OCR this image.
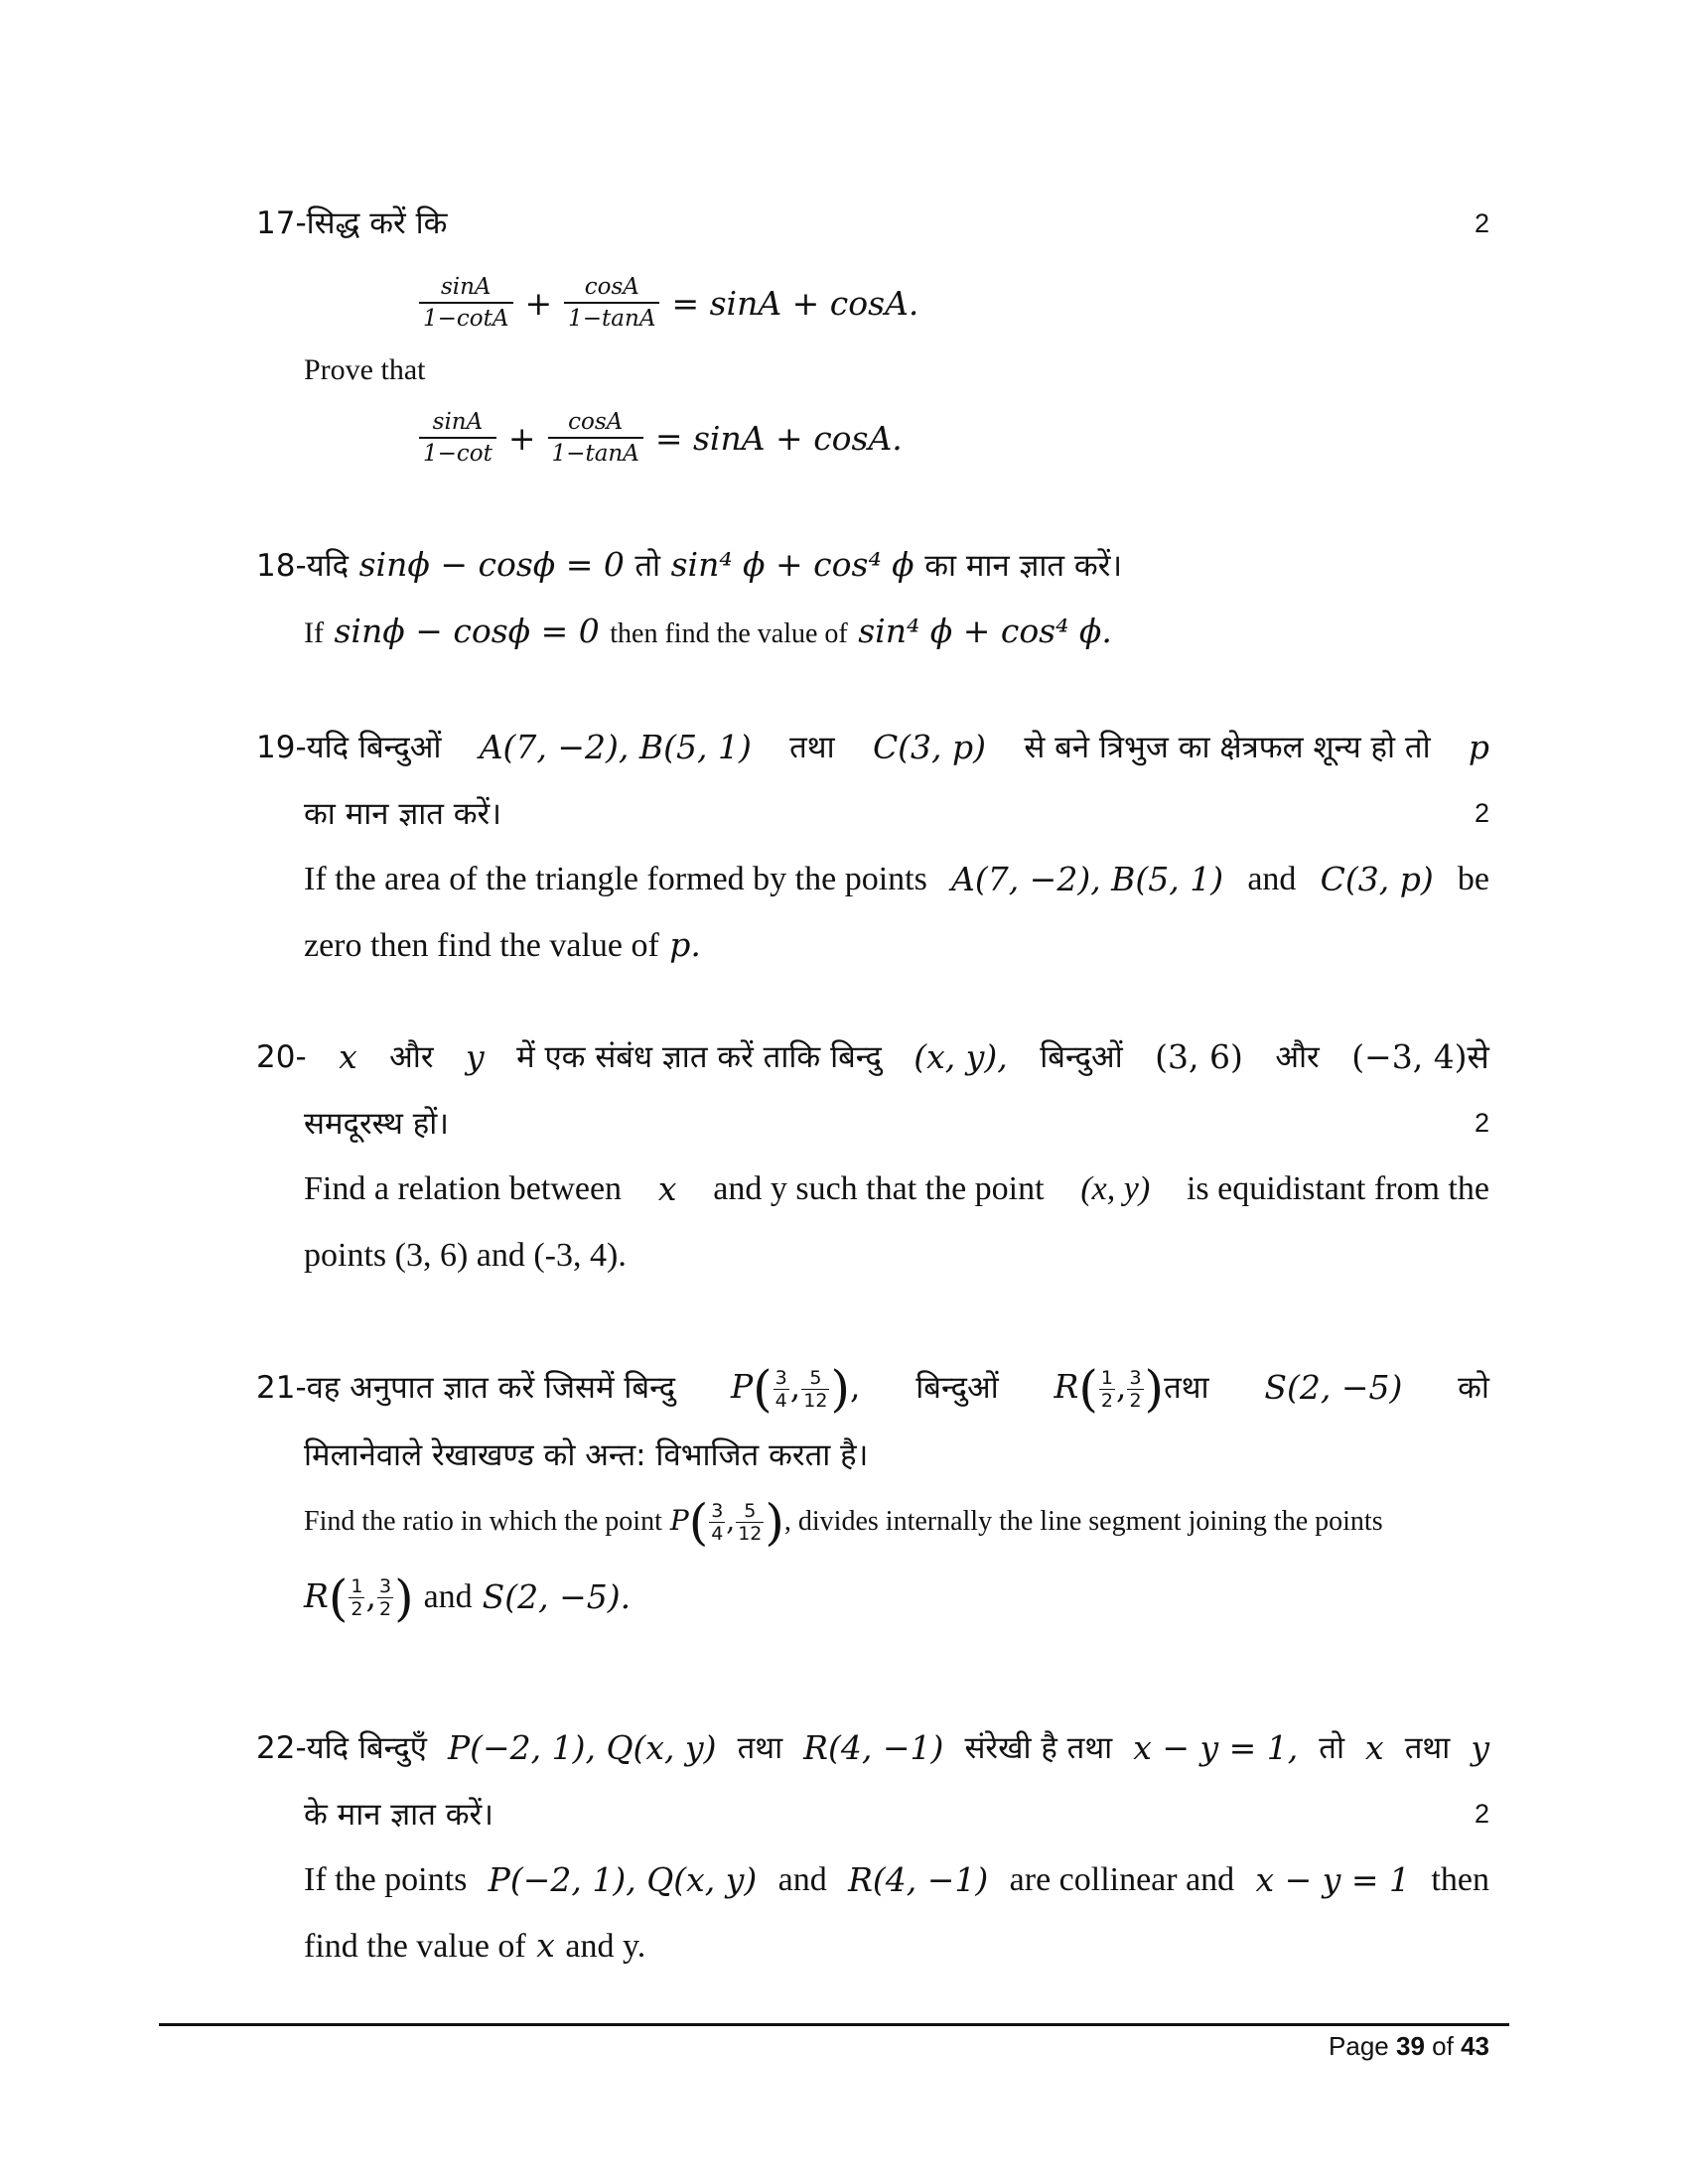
17-सिद्ध करें कि	2
$\frac{\sin A}{1-\cot A} + \frac{\cos A}{1-\tan A} = \sin A + \cos A$.
Prove that
$\frac{\sin A}{1-\cot} + \frac{\cos A}{1-\tan A} = \sin A + \cos A$.
18-यदि sinϕ − cosϕ = 0 तो sin⁴ ϕ + cos⁴ ϕ का मान ज्ञात करें।
If sinϕ − cosϕ = 0 then find the value of sin⁴ ϕ + cos⁴ ϕ.
19-यदि बिन्दुओं A(7, −2), B(5, 1) तथा C(3, p) से बने त्रिभुज का क्षेत्रफल शून्य हो तो p
का मान ज्ञात करें।	2
If the area of the triangle formed by the points A(7, −2), B(5, 1) and C(3, p) be
zero then find the value of p.
20- x और y में एक संबंध ज्ञात करें ताकि बिन्दु (x, y), बिन्दुओं (3, 6) और (−3, 4)से
समदूरस्थ हों।	2
Find a relation between x and y such that the point (x, y) is equidistant from the
points (3, 6) and (-3, 4).
21-वह अनुपात ज्ञात करें जिसमें बिन्दु $P( \frac{3}{4}$ , $\frac{5}{12}$ ), बिन्दुओं $R( \frac{1}{2}$ , $\frac{3}{2}$ )तथा S(2, −5) को
मिलानेवाले रेखाखण्ड को अन्त: विभाजित करता है।
Find the ratio in which the point $P( \frac{3}{4}$ , $\frac{5}{12}$ ) , divides internally the line segment joining the points
$R( \frac{1}{2}$ , $\frac{3}{2}$ ) and S(2, −5).
22-यदि बिन्दुएँ P(−2, 1), Q(x, y) तथा R(4, −1) संरेखी है तथा x − y = 1, तो x तथा y
के मान ज्ञात करें।	2
If the points P(−2, 1), Q(x, y) and R(4, −1) are collinear and x − y = 1 then
find the value of x and y.
Page 39 of 43
